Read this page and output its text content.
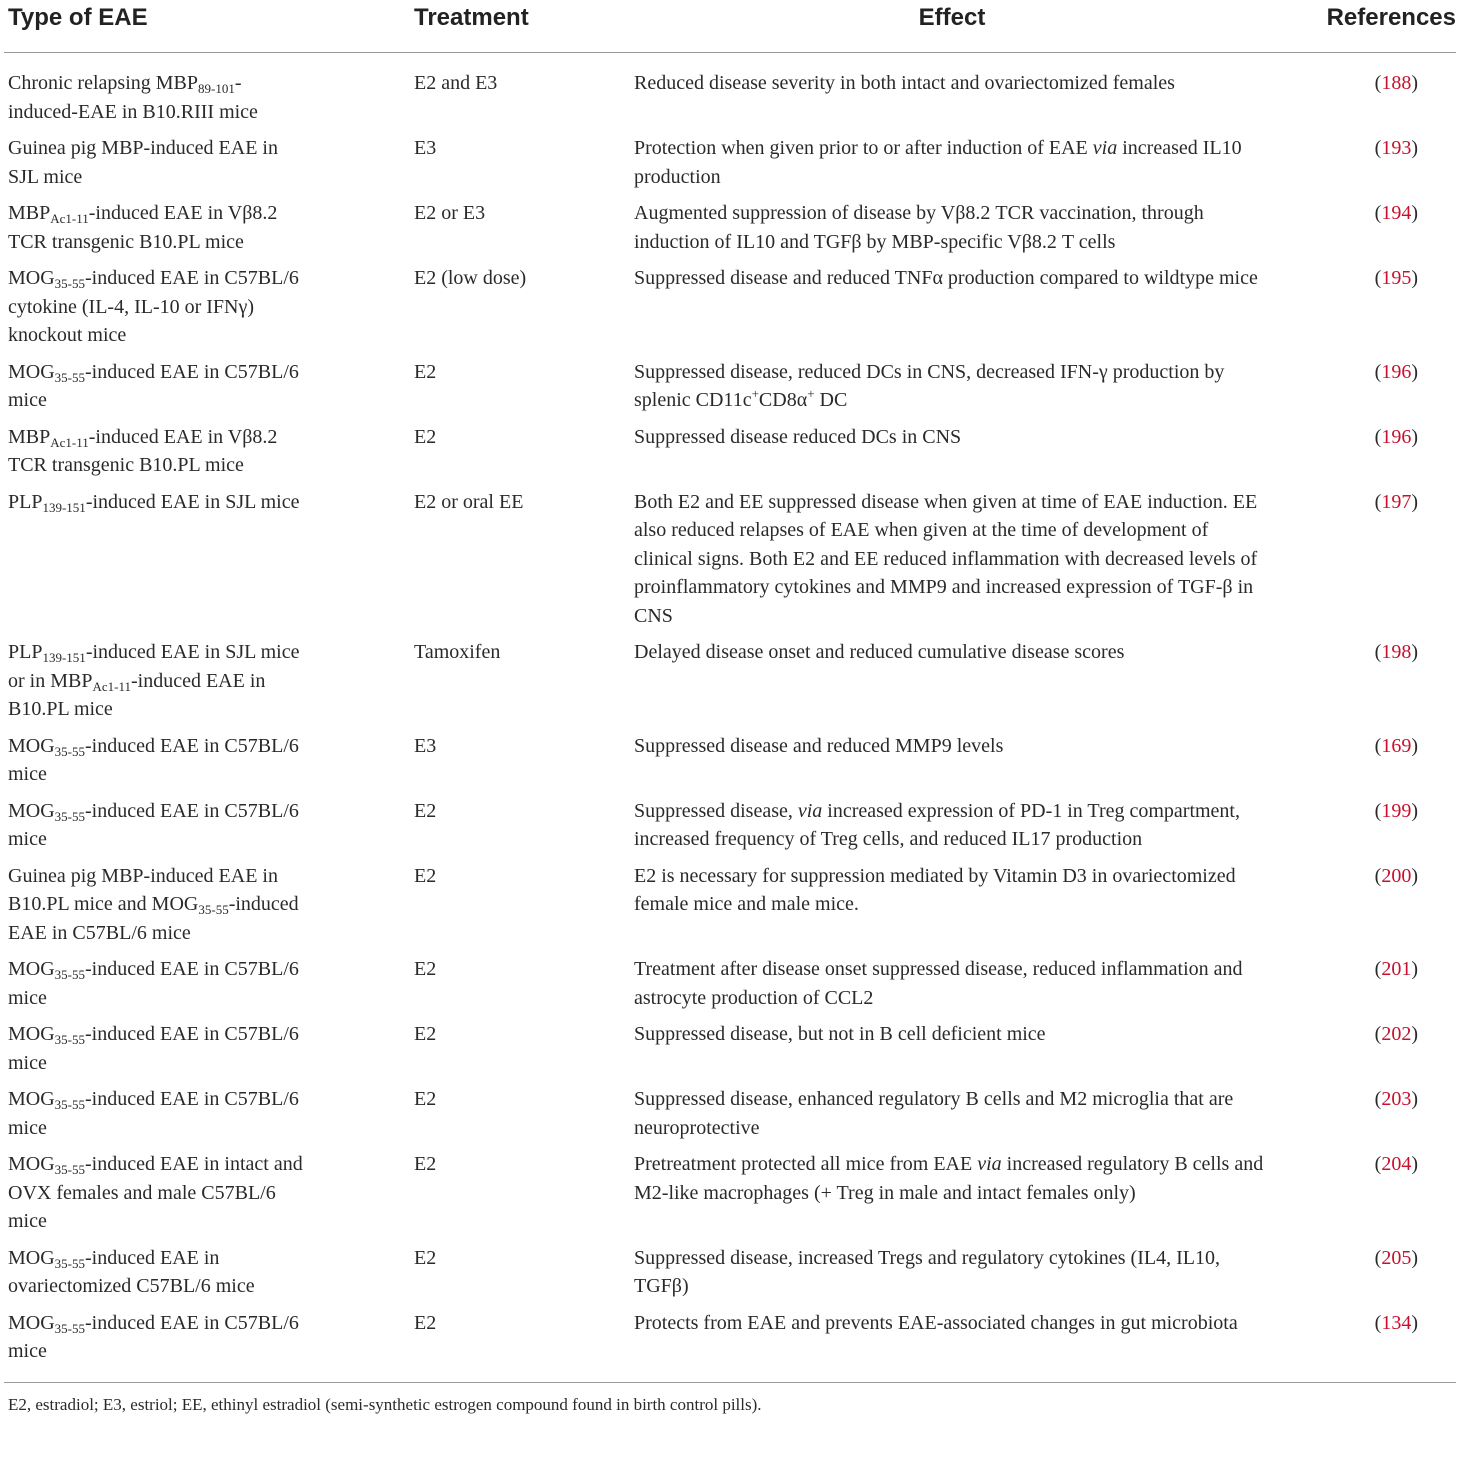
Type of EAE	Treatment	Effect	References
Chronic relapsing $MBP_{89-101}-induced$-EAE in B10.RIII mice	E2 and E3	Reduced disease severity in both intact and ovariectomized females	(188)
Guinea pig MBP-induced EAE in SJL mice	E3	Protection when given prior to or after induction of EAE via increased IL10 production	(193)
$MBP_{Ac1-11}$-induced EAE in Vβ8.2 TCR transgenic B10.PL mice	E2 or E3	Augmented suppression of disease by Vβ8.2 TCR vaccination, through induction of IL10 and TGFβ by MBP-specific Vβ8.2 T cells	(194)
$MOG_{35-55}$-induced EAE in C57BL/6 cytokine (IL-4, IL-10 or IFNγ) knockout mice	E2 (low dose)	Suppressed disease and reduced TNFα production compared to wildtype mice	(195)
$MOG_{35-55}$-induced EAE in C57BL/6 mice	E2	Suppressed disease, reduced DCs in CNS, decreased IFN-γ production by splenic CD11c+CD8α+ DC	(196)
$MBP_{Ac1-11}$-induced EAE in Vβ8.2 TCR transgenic B10.PL mice	E2	Suppressed disease reduced DCs in CNS	(196)
$PLP_{139-151}$-induced EAE in SJL mice	E2 or oral EE	Both E2 and EE suppressed disease when given at time of EAE induction. EE also reduced relapses of EAE when given at the time of development of clinical signs. Both E2 and EE reduced inflammation with decreased levels of proinflammatory cytokines and MMP9 and increased expression of TGF-β in CNS	(197)
$PLP_{139-151}$-induced EAE in SJL mice or in $MBP_{Ac1-11}$-induced EAE in B10.PL mice	Tamoxifen	Delayed disease onset and reduced cumulative disease scores	(198)
$MOG_{35-55}$-induced EAE in C57BL/6 mice	E3	Suppressed disease and reduced MMP9 levels	(169)
$MOG_{35-55}$-induced EAE in C57BL/6 mice	E2	Suppressed disease, via increased expression of PD-1 in Treg compartment, increased frequency of Treg cells, and reduced IL17 production	(199)
Guinea pig MBP-induced EAE in B10.PL mice and $MOG_{35-55}$-induced EAE in C57BL/6 mice	E2	E2 is necessary for suppression mediated by Vitamin D3 in ovariectomized female mice and male mice.	(200)
$MOG_{35-55}$-induced EAE in C57BL/6 mice	E2	Treatment after disease onset suppressed disease, reduced inflammation and astrocyte production of CCL2	(201)
$MOG_{35-55}$-induced EAE in C57BL/6 mice	E2	Suppressed disease, but not in B cell deficient mice	(202)
$MOG_{35-55}$-induced EAE in C57BL/6 mice	E2	Suppressed disease, enhanced regulatory B cells and M2 microglia that are neuroprotective	(203)
$MOG_{35-55}$-induced EAE in intact and OVX females and male C57BL/6 mice	E2	Pretreatment protected all mice from EAE via increased regulatory B cells and M2-like macrophages (+ Treg in male and intact females only)	(204)
$MOG_{35-55}$-induced EAE in ovariectomized C57BL/6 mice	E2	Suppressed disease, increased Tregs and regulatory cytokines (IL4, IL10, TGFβ)	(205)
$MOG_{35-55}$-induced EAE in C57BL/6 mice	E2	Protects from EAE and prevents EAE-associated changes in gut microbiota	(134)
E2, estradiol; E3, estriol; EE, ethinyl estradiol (semi-synthetic estrogen compound found in birth control pills).
